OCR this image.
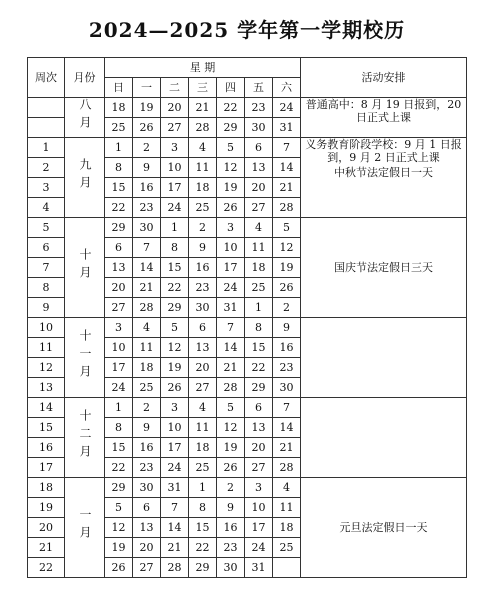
2024—2025 学年第一学期校历
周次	月份	星 期							活动安排
		日	一	二	三	四	五	六	
	八月	18	19	20	21	22	23	24	普通高中：8 月 19 日报到，20 日正式上课

		25	26	27	28	29	30	31	
1	九月	1	2	3	4	5	6	7	义务教育阶段学校：9 月 1 日报到，9 月 2 日正式上课
中秋节法定假日一天

2		8	9	10	11	12	13	14	
3		15	16	17	18	19	20	21	
4		22	23	24	25	26	27	28	
5	十月	29	30	1	2	3	4	5	国庆节法定假日三天

6		6	7	8	9	10	11	12	
7		13	14	15	16	17	18	19	
8		20	21	22	23	24	25	26	
9		27	28	29	30	31	1	2	
10	十一月	3	4	5	6	7	8	9	

11		10	11	12	13	14	15	16	
12		17	18	19	20	21	22	23	
13		24	25	26	27	28	29	30	
14	十二月	1	2	3	4	5	6	7	

15		8	9	10	11	12	13	14	
16		15	16	17	18	19	20	21	
17		22	23	24	25	26	27	28	
18	一月	29	30	31	1	2	3	4	元旦法定假日一天

19		5	6	7	8	9	10	11	
20		12	13	14	15	16	17	18	
21		19	20	21	22	23	24	25	
22		26	27	28	29	30	31		
